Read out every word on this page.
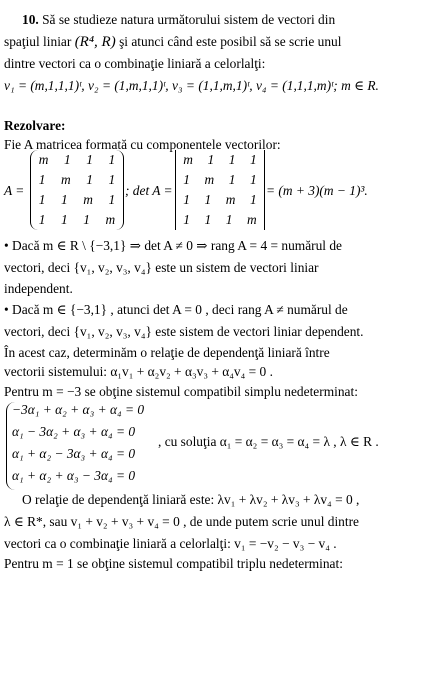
10. Să se studieze natura următorului sistem de vectori din
spaţiul liniar (R⁴, R) şi atunci când este posibil să se scrie unul
dintre vectori ca o combinaţie liniară a celorlalţi:
v₁ = (m,1,1,1)ᵗ, v₂ = (1,m,1,1)ᵗ, v₃ = (1,1,m,1)ᵗ, v₄ = (1,1,1,m)ᵗ; m ∈ R.
Rezolvare:
Fie A matricea formată cu componentele vectorilor:
A =
m 1 1 1
1 m 1 1
1 1 m 1
1 1 1 m
; det A =
m 1 1 1
1 m 1 1
1 1 m 1
1 1 1 m
= (m + 3)(m − 1)³.
• Dacă m ∈ R \ {−3,1} ⇒ det A ≠ 0 ⇒ rang A = 4 = numărul de
vectori, deci {v₁, v₂, v₃, v₄} este un sistem de vectori liniar
independent.
• Dacă m ∈ {−3,1} , atunci det A = 0 , deci rang A ≠ numărul de
vectori, deci {v₁, v₂, v₃, v₄} este sistem de vectori liniar dependent.
În acest caz, determinăm o relaţie de dependenţă liniară între
vectorii sistemului: α₁v₁ + α₂v₂ + α₃v₃ + α₄v₄ = 0 .
Pentru m = −3 se obţine sistemul compatibil simplu nedeterminat:
−3α₁ + α₂ + α₃ + α₄ = 0
α₁ − 3α₂ + α₃ + α₄ = 0
α₁ + α₂ − 3α₃ + α₄ = 0
α₁ + α₂ + α₃ − 3α₄ = 0
, cu soluţia α₁ = α₂ = α₃ = α₄ = λ , λ ∈ R .
O relaţie de dependenţă liniară este: λv₁ + λv₂ + λv₃ + λv₄ = 0 ,
λ ∈ R*, sau v₁ + v₂ + v₃ + v₄ = 0 , de unde putem scrie unul dintre
vectori ca o combinaţie liniară a celorlalţi: v₁ = −v₂ − v₃ − v₄ .
Pentru m = 1 se obţine sistemul compatibil triplu nedeterminat:
